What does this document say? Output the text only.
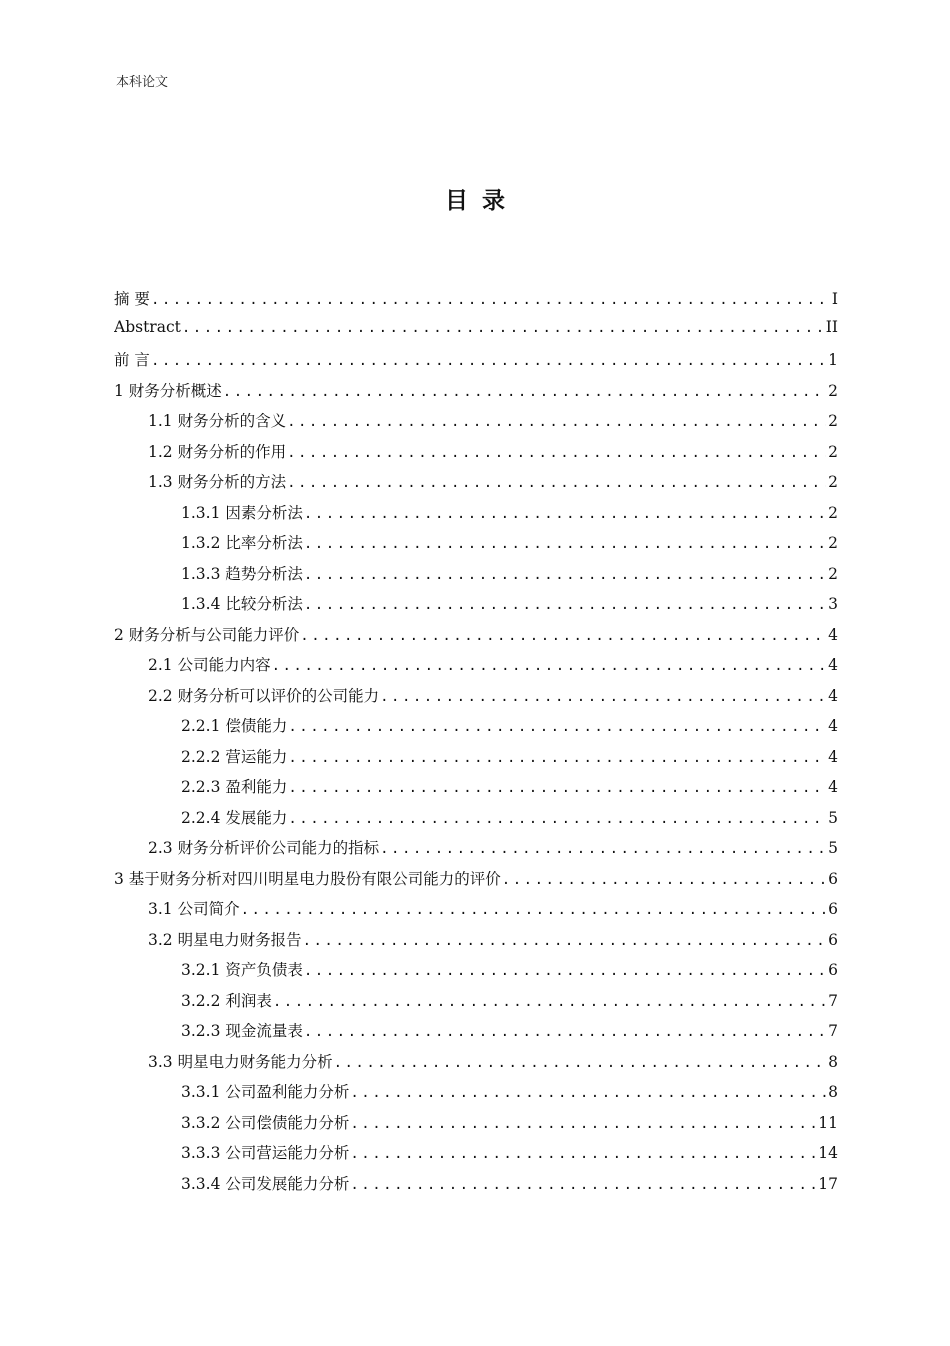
本科论文
目录
摘 要 .....	I
Abstract .....	II
前 言 .....	1
1 财务分析概述 .....	2
1.1 财务分析的含义 .....	2
1.2 财务分析的作用 .....	2
1.3 财务分析的方法 .....	2
1.3.1 因素分析法 .....	2
1.3.2 比率分析法 .....	2
1.3.3 趋势分析法 .....	2
1.3.4 比较分析法 .....	3
2 财务分析与公司能力评价 .....	4
2.1 公司能力内容 .....	4
2.2 财务分析可以评价的公司能力 .....	4
2.2.1 偿债能力 .....	4
2.2.2 营运能力 .....	4
2.2.3 盈利能力 .....	4
2.2.4 发展能力 .....	5
2.3 财务分析评价公司能力的指标 .....	5
3 基于财务分析对四川明星电力股份有限公司能力的评价 .....	6
3.1 公司简介 .....	6
3.2 明星电力财务报告 .....	6
3.2.1 资产负债表 .....	6
3.2.2 利润表 .....	7
3.2.3 现金流量表 .....	7
3.3 明星电力财务能力分析 .....	8
3.3.1 公司盈利能力分析 .....	8
3.3.2 公司偿债能力分析 .....	11
3.3.3 公司营运能力分析 .....	14
3.3.4 公司发展能力分析 .....	17
